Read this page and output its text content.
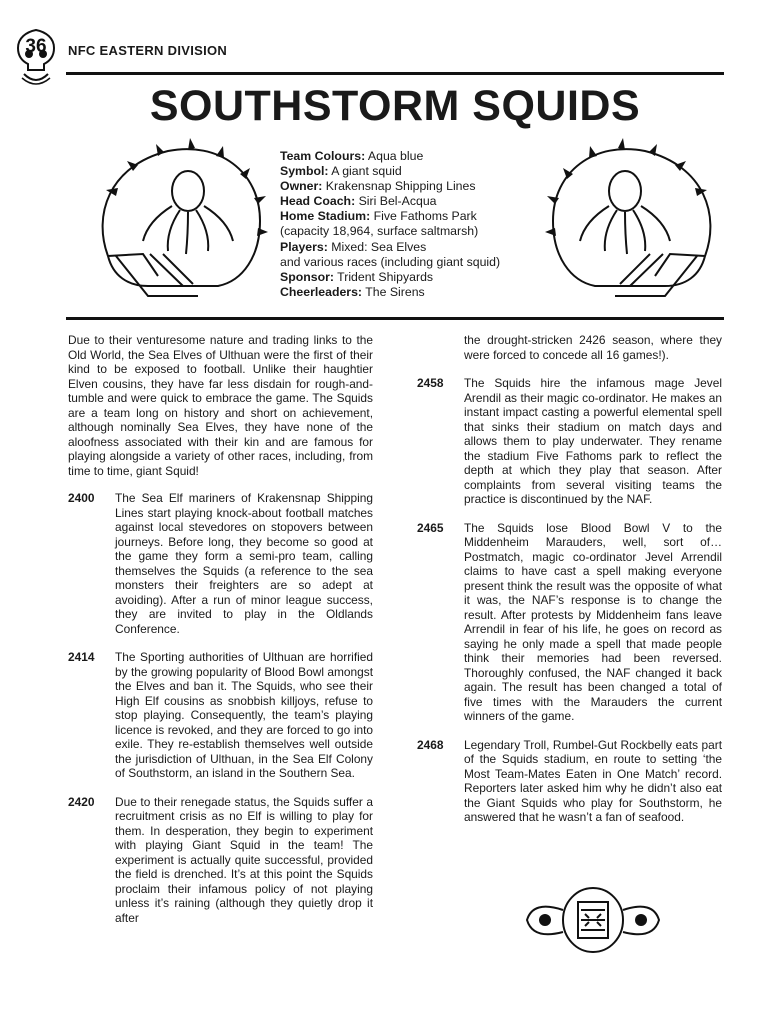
36	NFC EASTERN DIVISION
SOUTHSTORM SQUIDS
Team Colours: Aqua blue
Symbol: A giant squid
Owner: Krakensnap Shipping Lines
Head Coach: Siri Bel-Acqua
Home Stadium: Five Fathoms Park
(capacity 18,964, surface saltmarsh)
Players: Mixed: Sea Elves
and various races (including giant squid)
Sponsor: Trident Shipyards
Cheerleaders: The Sirens

Due to their venturesome nature and trading links to the Old World, the Sea Elves of Ulthuan were the first of their kind to be exposed to football. Unlike their haughtier Elven cousins, they have far less disdain for rough-and-tumble and were quick to embrace the game. The Squids are a team long on history and short on achievement, although nominally Sea Elves, they have none of the aloofness associated with their kin and are famous for playing alongside a variety of other races, including, from time to time, giant Squid!

2400	The Sea Elf mariners of Krakensnap Shipping Lines start playing knock-about football matches against local stevedores on stopovers between journeys. Before long, they become so good at the game they form a semi-pro team, calling themselves the Squids (a reference to the sea monsters their freighters are so adept at avoiding). After a run of minor league success, they are invited to play in the Oldlands Conference.
2414	The Sporting authorities of Ulthuan are horrified by the growing popularity of Blood Bowl amongst the Elves and ban it. The Squids, who see their High Elf cousins as snobbish killjoys, refuse to stop playing. Consequently, the team’s playing licence is revoked, and they are forced to go into exile. They re-establish themselves well outside the jurisdiction of Ulthuan, in the Sea Elf Colony of Southstorm, an island in the Southern Sea.
2420	Due to their renegade status, the Squids suffer a recruitment crisis as no Elf is willing to play for them. In desperation, they begin to experiment with playing Giant Squid in the team! The experiment is actually quite successful, provided the field is drenched. It’s at this point the Squids proclaim their infamous policy of not playing unless it’s raining (although they quietly drop it after
the drought-stricken 2426 season, where they were forced to concede all 16 games!).
2458	The Squids hire the infamous mage Jevel Arendil as their magic co-ordinator. He makes an instant impact casting a powerful elemental spell that sinks their stadium on match days and allows them to play underwater. They rename the stadium Five Fathoms park to reflect the depth at which they play that season. After complaints from several visiting teams the practice is discontinued by the NAF.
2465	The Squids lose Blood Bowl V to the Middenheim Marauders, well, sort of… Postmatch, magic co-ordinator Jevel Arrendil claims to have cast a spell making everyone present think the result was the opposite of what it was, the NAF’s response is to change the result. After protests by Middenheim fans leave Arrendil in fear of his life, he goes on record as saying he only made a spell that made people think their memories had been reversed. Thoroughly confused, the NAF changed it back again. The result has been changed a total of five times with the Marauders the current winners of the game.
2468	Legendary Troll, Rumbel-Gut Rockbelly eats part of the Squids stadium, en route to setting ‘the Most Team-Mates Eaten in One Match’ record. Reporters later asked him why he didn’t also eat the Giant Squids who play for Southstorm, he answered that he wasn’t a fan of seafood.
